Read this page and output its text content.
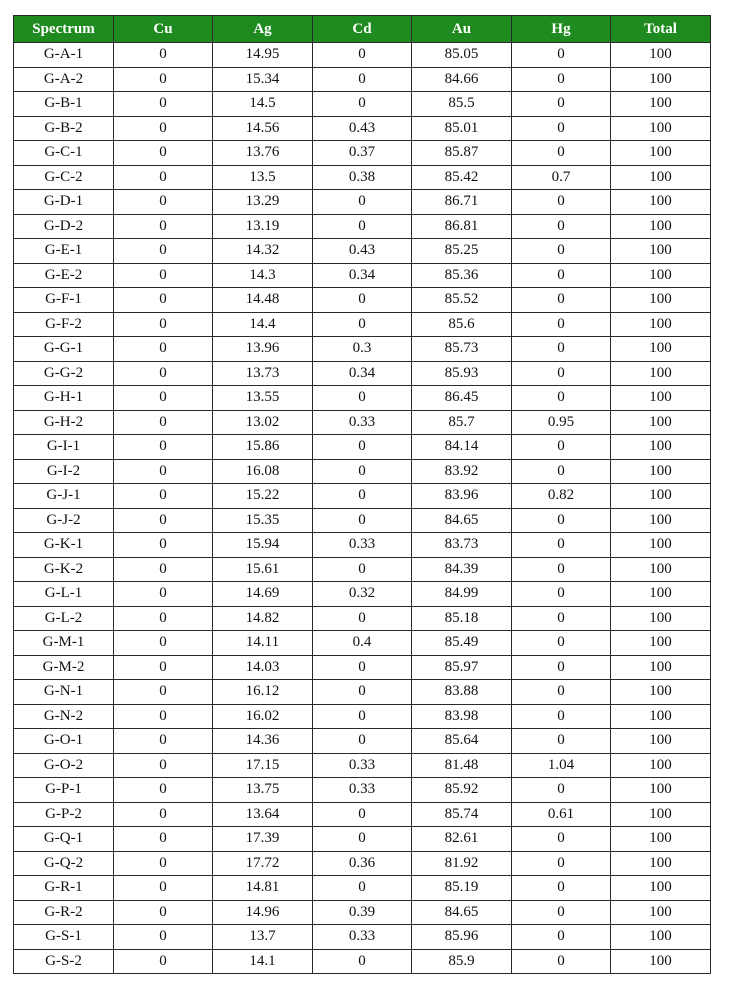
Spectrum	Cu	Ag	Cd	Au	Hg	Total
G-A-1	0	14.95	0	85.05	0	100
G-A-2	0	15.34	0	84.66	0	100
G-B-1	0	14.5	0	85.5	0	100
G-B-2	0	14.56	0.43	85.01	0	100
G-C-1	0	13.76	0.37	85.87	0	100
G-C-2	0	13.5	0.38	85.42	0.7	100
G-D-1	0	13.29	0	86.71	0	100
G-D-2	0	13.19	0	86.81	0	100
G-E-1	0	14.32	0.43	85.25	0	100
G-E-2	0	14.3	0.34	85.36	0	100
G-F-1	0	14.48	0	85.52	0	100
G-F-2	0	14.4	0	85.6	0	100
G-G-1	0	13.96	0.3	85.73	0	100
G-G-2	0	13.73	0.34	85.93	0	100
G-H-1	0	13.55	0	86.45	0	100
G-H-2	0	13.02	0.33	85.7	0.95	100
G-I-1	0	15.86	0	84.14	0	100
G-I-2	0	16.08	0	83.92	0	100
G-J-1	0	15.22	0	83.96	0.82	100
G-J-2	0	15.35	0	84.65	0	100
G-K-1	0	15.94	0.33	83.73	0	100
G-K-2	0	15.61	0	84.39	0	100
G-L-1	0	14.69	0.32	84.99	0	100
G-L-2	0	14.82	0	85.18	0	100
G-M-1	0	14.11	0.4	85.49	0	100
G-M-2	0	14.03	0	85.97	0	100
G-N-1	0	16.12	0	83.88	0	100
G-N-2	0	16.02	0	83.98	0	100
G-O-1	0	14.36	0	85.64	0	100
G-O-2	0	17.15	0.33	81.48	1.04	100
G-P-1	0	13.75	0.33	85.92	0	100
G-P-2	0	13.64	0	85.74	0.61	100
G-Q-1	0	17.39	0	82.61	0	100
G-Q-2	0	17.72	0.36	81.92	0	100
G-R-1	0	14.81	0	85.19	0	100
G-R-2	0	14.96	0.39	84.65	0	100
G-S-1	0	13.7	0.33	85.96	0	100
G-S-2	0	14.1	0	85.9	0	100
